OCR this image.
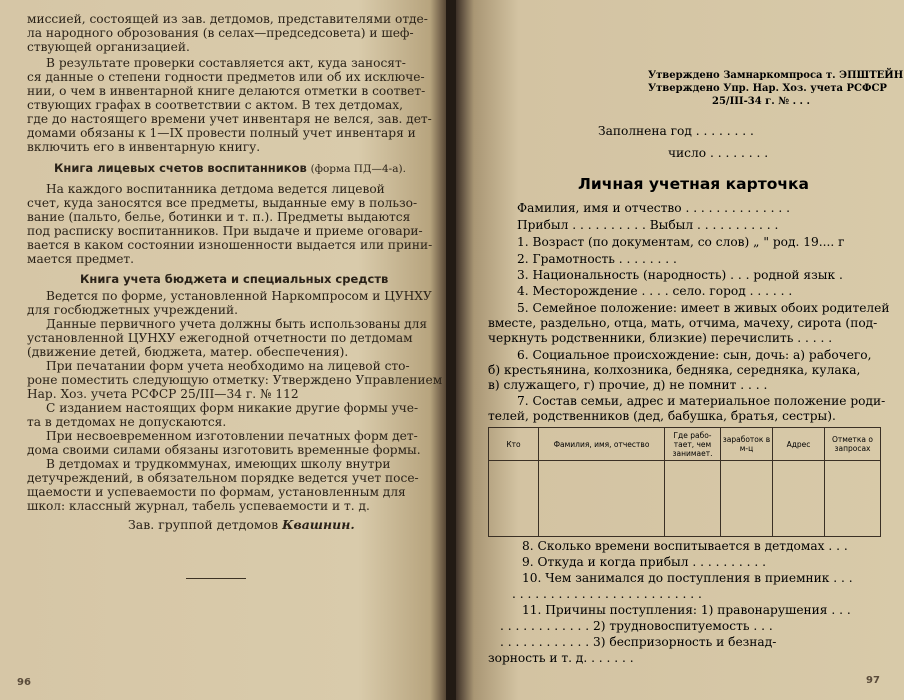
миссией, состоящей из зав. детдомов, представителями отде-
ла народного оброзования (в селах—председсовета) и шеф-
ствующей организацией.
В результате проверки составляется акт, куда заносят-
ся данные о степени годности предметов или об их исключе-
нии, о чем в инвентарной книге делаются отметки в соответ-
ствующих графах в соответствии с актом. В тех детдомах,
где до настоящего времени учет инвентаря не велся, зав. дет-
домами обязаны к 1—IX провести полный учет инвентаря и
включить его в инвентарную книгу.
Книга лицевых счетов воспитанников (форма ПД—4-а).
На каждого воспитанника детдома ведется лицевой
счет, куда заносятся все предметы, выданные ему в пользо-
вание (пальто, белье, ботинки и т. п.). Предметы выдаются
под расписку воспитанников. При выдаче и приеме оговари-
вается в каком состоянии изношенности выдается или прини-
мается предмет.
Книга учета бюджета и специальных средств
Ведется по форме, установленной Наркомпросом и ЦУНХУ
для госбюджетных учреждений.
Данные первичного учета должны быть использованы для
установленной ЦУНХУ ежегодной отчетности по детдомам
(движение детей, бюджета, матер. обеспечения).
При печатании форм учета необходимо на лицевой сто-
роне поместить следующую отметку: Утверждено Управлением
Нар. Хоз. учета РСФСР 25/III—34 г. № 112
С изданием настоящих форм никакие другие формы уче-
та в детдомах не допускаются.
При несвоевременном изготовлении печатных форм дет-
дома своими силами обязаны изготовить временные формы.
В детдомах и трудкоммунах, имеющих школу внутри
детучреждений, в обязательном порядке ведется учет посе-
щаемости и успеваемости по формам, установленным для
школ: классный журнал, табель успеваемости и т. д.
Зав. группой детдомов Квашнин.
96
Утверждено Замнаркомпроса т. ЭПШТЕЙН
Утверждено Упр. Нар. Хоз. учета РСФСР
25/III-34 г. № . . .
Заполнена год . . . . . . . .
число . . . . . . . .
Личная учетная карточка
Фамилия, имя и отчество . . . . . . . . . . . . . .
Прибыл . . . . . . . . . . Выбыл . . . . . . . . . . .
1. Возраст (по документам, со слов) „ " род. 19.... г
2. Грамотность . . . . . . . .
3. Национальность (народность) . . . родной язык .
4. Месторождение . . . . село. город . . . . . .
5. Семейное положение: имеет в живых обоих родителей
вместе, раздельно, отца, мать, отчима, мачеху, сирота (под-
черкнуть родственники, близкие) перечислить . . . . .
6. Социальное происхождение: сын, дочь: а) рабочего,
б) крестьянина, колхозника, бедняка, середняка, кулака,
в) служащего, г) прочие, д) не помнит . . . .
7. Состав семьи, адрес и материальное положение роди-
телей, родственников (дед, бабушка, братья, сестры).
Кто	Фамилия, имя, отчество	Где рабо- тает, чем занимает.	заработок в м-ц	Адрес	Отметка о запросах

8. Сколько времени воспитывается в детдомах . . .
9. Откуда и когда прибыл . . . . . . . . . .
10. Чем занимался до поступления в приемник . . .
. . . . . . . . . . . . . . . . . . . . . . . . .
11. Причины поступления: 1) правонарушения . . .
. . . . . . . . . . . . 2) трудновоспитуемость . . .
. . . . . . . . . . . . 3) беспризорность и безнад-
зорность и т. д. . . . . . .
97
